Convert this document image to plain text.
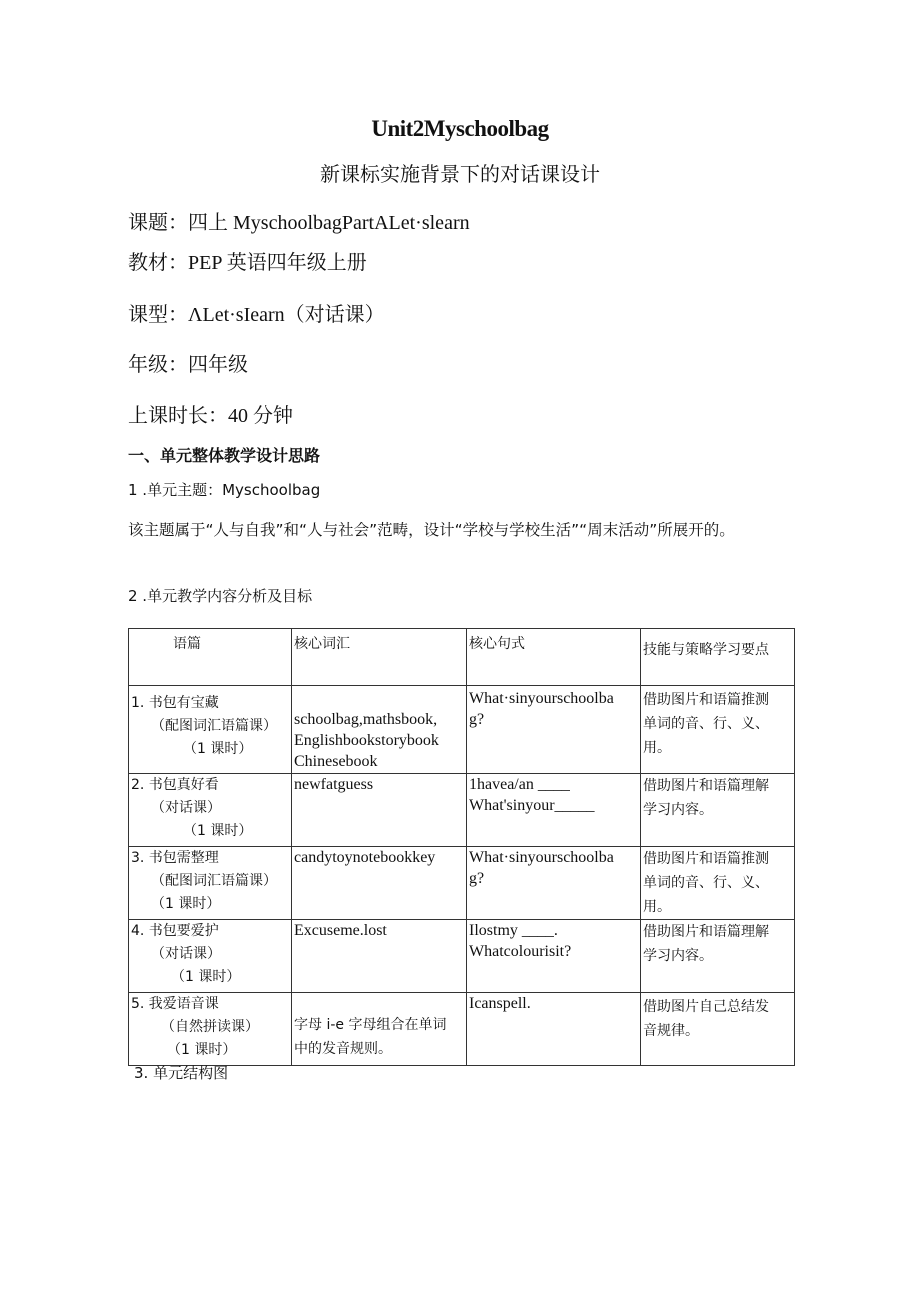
Unit2Myschoolbag
新课标实施背景下的对话课设计
课题：四上 MyschoolbagPartALet·slearn
教材：PEP 英语四年级上册
课型：ΛLet·sIearn（对话课）
年级：四年级
上课时长：40 分钟
一、单元整体教学设计思路
1 .单元主题：Myschoolbag
该主题属于“人与自我”和“人与社会”范畴，设计“学校与学校生活”“周末活动”所展开的。
2 .单元教学内容分析及目标
语篇	核心词汇	核心句式	技能与策略学习要点

1. 书包有宝藏
（配图词汇语篇课）
（1 课时）	schoolbag,mathsbook,
Englishbookstorybook
Chinesebook	What·sinyourschoolba
g?	借助图片和语篇推测
单词的音、行、义、
用。

2. 书包真好看
（对话课）
（1 课时）	newfatguess	1havea/an ____
What'sinyour_____	借助图片和语篇理解
学习内容。

3. 书包需整理
（配图词汇语篇课）
（1 课时）	candytoynotebookkey	What·sinyourschoolba
g?	借助图片和语篇推测
单词的音、行、义、
用。

4. 书包要爱护
（对话课）
（1 课时）	Excuseme.lost	Ilostmy ____.
Whatcolourisit?	借助图片和语篇理解
学习内容。

5. 我爱语音课
（自然拼读课）
（1 课时）	字母 i-e 字母组合在单词
中的发音规则。	Icanspell.	借助图片自己总结发
音规律。
3. 单元结构图
